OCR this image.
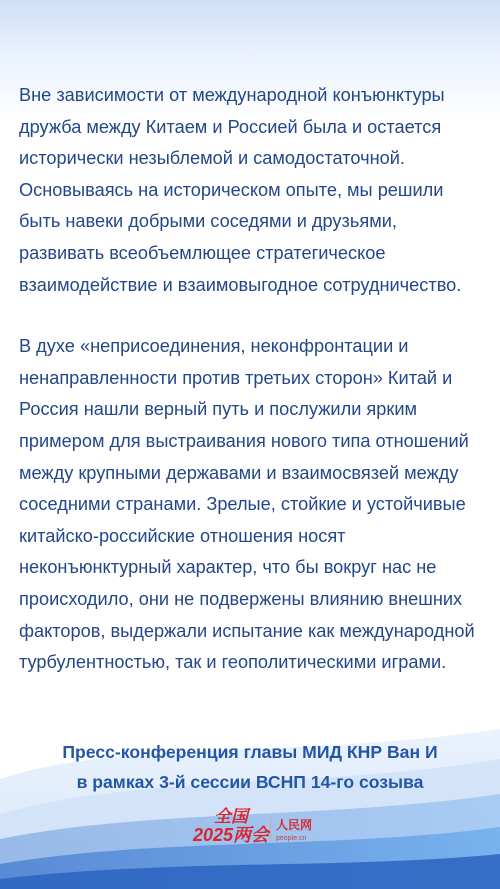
Вне зависимости от международной конъюнктуры
дружба между Китаем и Россией была и остается
исторически незыблемой и самодостаточной.
Основываясь на историческом опыте, мы решили
быть навеки добрыми соседями и друзьями,
развивать всеобъемлющее стратегическое
взаимодействие и взаимовыгодное сотрудничество.

В духе «неприсоединения, неконфронтации и
ненаправленности против третьих сторон» Китай и
Россия нашли верный путь и послужили ярким
примером для выстраивания нового типа отношений
между крупными державами и взаимосвязей между
соседними странами. Зрелые, стойкие и устойчивые
китайско-российские отношения носят
неконъюнктурный характер, что бы вокруг нас не
происходило, они не подвержены влиянию внешних
факторов, выдержали испытание как международной
турбулентностью, так и геополитическими играми.

Пресс-конференция главы МИД КНР Ван И
в рамках 3-й сессии ВСНП 14-го созыва
全国
2025两会 人民网
people.cn
